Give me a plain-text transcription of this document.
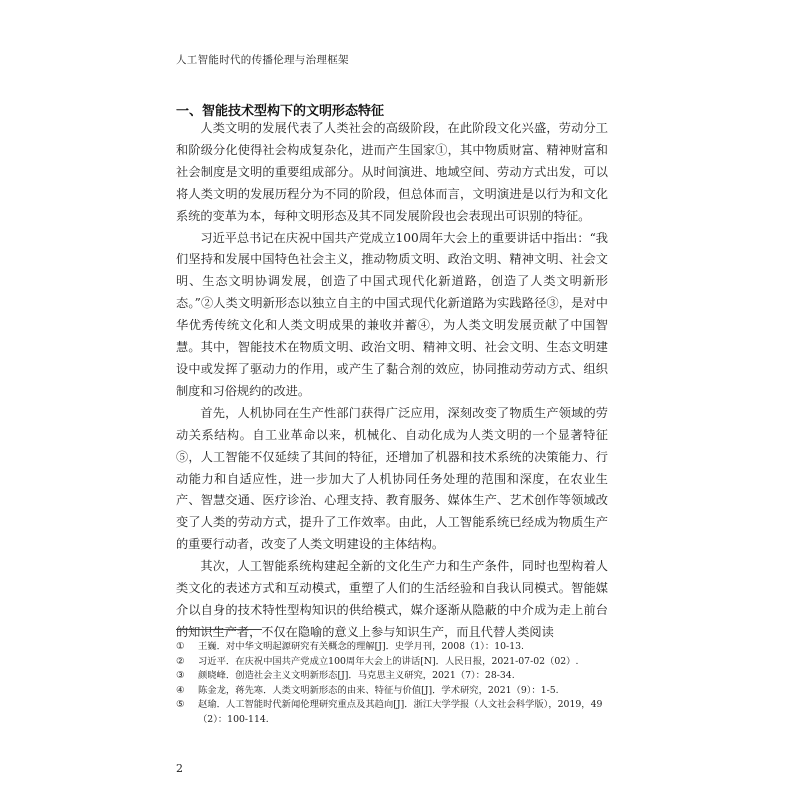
人工智能时代的传播伦理与治理框架
一、智能技术型构下的文明形态特征

人类文明的发展代表了人类社会的高级阶段，在此阶段文化兴盛，劳动分工和阶级分化使得社会构成复杂化，进而产生国家①，其中物质财富、精神财富和社会制度是文明的重要组成部分。从时间演进、地域空间、劳动方式出发，可以将人类文明的发展历程分为不同的阶段，但总体而言，文明演进是以行为和文化系统的变革为本，每种文明形态及其不同发展阶段也会表现出可识别的特征。

习近平总书记在庆祝中国共产党成立100周年大会上的重要讲话中指出：“我们坚持和发展中国特色社会主义，推动物质文明、政治文明、精神文明、社会文明、生态文明协调发展，创造了中国式现代化新道路，创造了人类文明新形态。”②人类文明新形态以独立自主的中国式现代化新道路为实践路径③，是对中华优秀传统文化和人类文明成果的兼收并蓄④，为人类文明发展贡献了中国智慧。其中，智能技术在物质文明、政治文明、精神文明、社会文明、生态文明建设中或发挥了驱动力的作用，或产生了黏合剂的效应，协同推动劳动方式、组织制度和习俗规约的改进。

首先，人机协同在生产性部门获得广泛应用，深刻改变了物质生产领域的劳动关系结构。自工业革命以来，机械化、自动化成为人类文明的一个显著特征⑤，人工智能不仅延续了其间的特征，还增加了机器和技术系统的决策能力、行动能力和自适应性，进一步加大了人机协同任务处理的范围和深度，在农业生产、智慧交通、医疗诊治、心理支持、教育服务、媒体生产、艺术创作等领域改变了人类的劳动方式，提升了工作效率。由此，人工智能系统已经成为物质生产的重要行动者，改变了人类文明建设的主体结构。

其次，人工智能系统构建起全新的文化生产力和生产条件，同时也型构着人类文化的表述方式和互动模式，重塑了人们的生活经验和自我认同模式。智能媒介以自身的技术特性型构知识的供给模式，媒介逐渐从隐蔽的中介成为走上前台的知识生产者，不仅在隐喻的意义上参与知识生产，而且代替人类阅读

①	王巍．对中华文明起源研究有关概念的理解[J]．史学月刊，2008（1）：10-13.
②	习近平．在庆祝中国共产党成立100周年大会上的讲话[N]．人民日报，2021-07-02（02）.
③	颜晓峰．创造社会主义文明新形态[J]．马克思主义研究，2021（7）：28-34.
④	陈金龙，蒋先寒．人类文明新形态的由来、特征与价值[J]．学术研究，2021（9）：1-5.
⑤	赵瑜．人工智能时代新闻伦理研究重点及其趋向[J]．浙江大学学报（人文社会科学版），2019，49（2）：100-114.
2
